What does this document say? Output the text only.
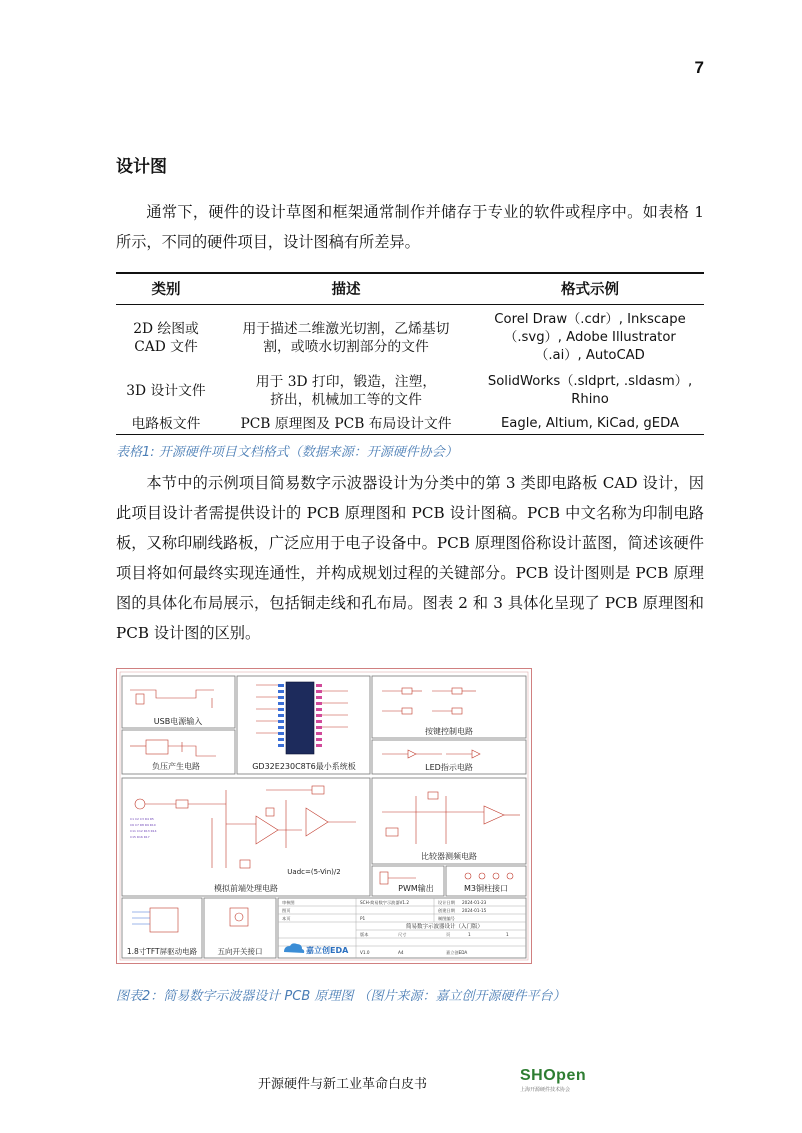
7
设计图

通常下，硬件的设计草图和框架通常制作并储存于专业的软件或程序中。如表格 1 所示，不同的硬件项目，设计图稿有所差异。

类别	描述	格式示例
2D 绘图或 CAD 文件	用于描述二维激光切割，乙烯基切割，或喷水切割部分的文件	Corel Draw（.cdr）, Inkscape（.svg）, Adobe Illustrator（.ai）, AutoCAD
3D 设计文件	用于 3D 打印，锻造，注塑，挤出，机械加工等的文件	SolidWorks（.sldprt, .sldasm）, Rhino
电路板文件	PCB 原理图及 PCB 布局设计文件	Eagle, Altium, KiCad, gEDA
表格1: 开源硬件项目文档格式（数据来源：开源硬件协会）

本节中的示例项目简易数字示波器设计为分类中的第 3 类即电路板 CAD 设计，因此项目设计者需提供设计的 PCB 原理图和 PCB 设计图稿。PCB 中文名称为印制电路板，又称印刷线路板，广泛应用于电子设备中。PCB 原理图俗称设计蓝图，简述该硬件项目将如何最终实现连通性，并构成规划过程的关键部分。PCB 设计图则是 PCB 原理图的具体化布局展示，包括铜走线和孔布局。图表 2 和 3 具体化呈现了 PCB 原理图和 PCB 设计图的区别。

USB电源输入
负压产生电路	GD32E230C8T6最小系统板
按键控制电路
LED指示电路
C1 C2 C3 R4 R5
C6 C7 R8 R9 R10
C11 C12 R13 R14
C15 R16 R17
Uadc=(5-Vin)/2
模拟前端处理电路
比较器测频电路
PWM输出	M3铜柱接口
1.8寸TFT屏驱动电路	五向开关接口
审核图	设计日期
创建日期
图页
制图编号
本页
版本	尺寸	页	1	1
SCH-简易数字示波器V1.2	2024-01-23
2024-01-15
P1
V1.0	A4	嘉立创EDA
简易数字示波器设计（入门版）
嘉立创EDA
图表2：简易数字示波器设计 PCB 原理图 （图片来源：嘉立创开源硬件平台）
开源硬件与新工业革命白皮书
SHOpen
上海开源硬件技术协会
